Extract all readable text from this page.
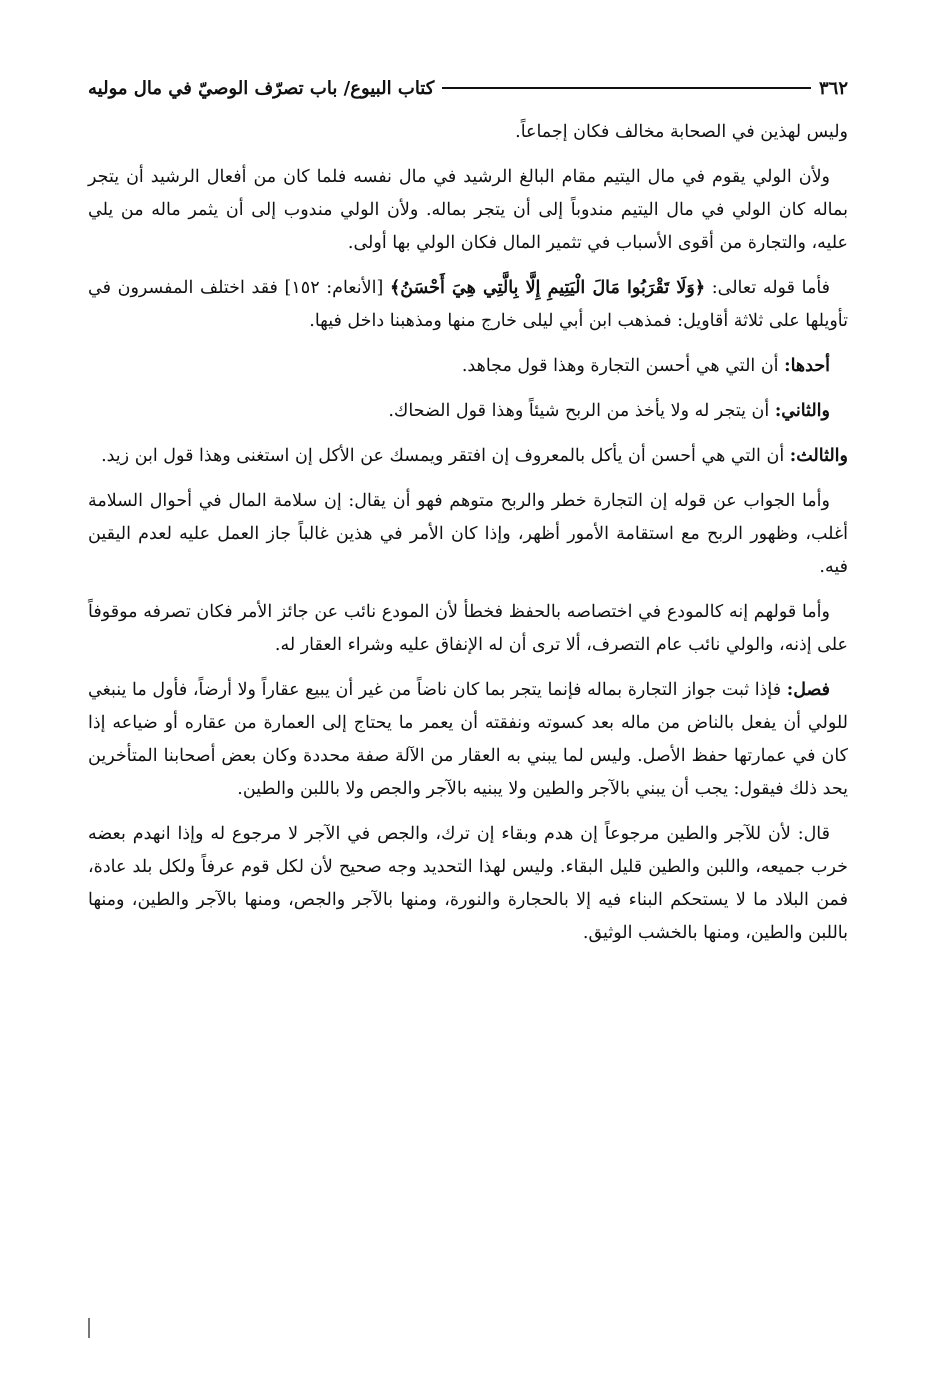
٣٦٢
كتاب البيوع/ باب تصرّف الوصيّ في مال موليه

وليس لهذين في الصحابة مخالف فكان إجماعاً.

ولأن الولي يقوم في مال اليتيم مقام البالغ الرشيد في مال نفسه فلما كان من أفعال الرشيد أن يتجر بماله كان الولي في مال اليتيم مندوباً إلى أن يتجر بماله. ولأن الولي مندوب إلى أن يثمر ماله من يلي عليه، والتجارة من أقوى الأسباب في تثمير المال فكان الولي بها أولى.

فأما قوله تعالى: ﴿وَلَا تَقْرَبُوا مَالَ الْيَتِيمِ إِلَّا بِالَّتِي هِيَ أَحْسَنُ﴾ [الأنعام: ١٥٢] فقد اختلف المفسرون في تأويلها على ثلاثة أقاويل: فمذهب ابن أبي ليلى خارج منها ومذهبنا داخل فيها.

أحدها: أن التي هي أحسن التجارة وهذا قول مجاهد.

والثاني: أن يتجر له ولا يأخذ من الربح شيئاً وهذا قول الضحاك.

والثالث: أن التي هي أحسن أن يأكل بالمعروف إن افتقر ويمسك عن الأكل إن استغنى وهذا قول ابن زيد.

وأما الجواب عن قوله إن التجارة خطر والربح متوهم فهو أن يقال: إن سلامة المال في أحوال السلامة أغلب، وظهور الربح مع استقامة الأمور أظهر، وإذا كان الأمر في هذين غالباً جاز العمل عليه لعدم اليقين فيه.

وأما قولهم إنه كالمودع في اختصاصه بالحفظ فخطأ لأن المودع نائب عن جائز الأمر فكان تصرفه موقوفاً على إذنه، والولي نائب عام التصرف، ألا ترى أن له الإنفاق عليه وشراء العقار له.

فصل: فإذا ثبت جواز التجارة بماله فإنما يتجر بما كان ناضاً من غير أن يبيع عقاراً ولا أرضاً، فأول ما ينبغي للولي أن يفعل بالناض من ماله بعد كسوته ونفقته أن يعمر ما يحتاج إلى العمارة من عقاره أو ضياعه إذا كان في عمارتها حفظ الأصل. وليس لما يبني به العقار من الآلة صفة محددة وكان بعض أصحابنا المتأخرين يحد ذلك فيقول: يجب أن يبني بالآجر والطين ولا يبنيه بالآجر والجص ولا باللبن والطين.

قال: لأن للآجر والطين مرجوعاً إن هدم وبقاء إن ترك، والجص في الآجر لا مرجوع له وإذا انهدم بعضه خرب جميعه، واللبن والطين قليل البقاء. وليس لهذا التحديد وجه صحيح لأن لكل قوم عرفاً ولكل بلد عادة، فمن البلاد ما لا يستحكم البناء فيه إلا بالحجارة والنورة، ومنها بالآجر والجص، ومنها بالآجر والطين، ومنها باللبن والطين، ومنها بالخشب الوثيق.
